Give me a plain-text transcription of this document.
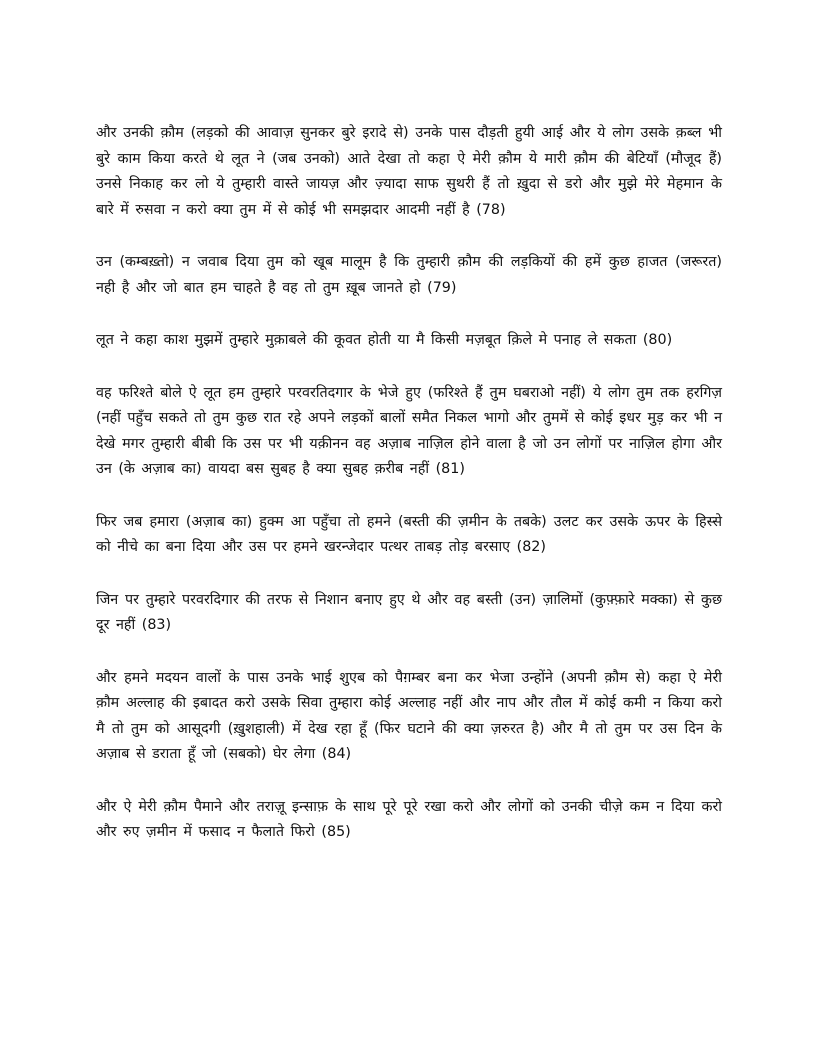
और उनकी क़ौम (लड़को की आवाज़ सुनकर बुरे इरादे से) उनके पास दौड़ती हुयी आई और ये लोग उसके क़ब्ल भी बुरे काम किया करते थे लूत ने (जब उनको) आते देखा तो कहा ऐ मेरी क़ौम ये मारी क़ौम की बेटियाँ (मौजूद हैं) उनसे निकाह कर लो ये तुम्हारी वास्ते जायज़ और ज़्यादा साफ सुथरी हैं तो ख़ुदा से डरो और मुझे मेरे मेहमान के बारे में रुसवा न करो क्या तुम में से कोई भी समझदार आदमी नहीं है (78)

उन (कम्बख़्तो) न जवाब दिया तुम को खूब मालूम है कि तुम्हारी क़ौम की लड़कियों की हमें कुछ हाजत (जरूरत) नही है और जो बात हम चाहते है वह तो तुम ख़ूब जानते हो (79)

लूत ने कहा काश मुझमें तुम्हारे मुक़ाबले की कूवत होती या मै किसी मज़बूत क़िले मे पनाह ले सकता (80)

वह फरिश्ते बोले ऐ लूत हम तुम्हारे परवरतिदगार के भेजे हुए (फरिश्ते हैं तुम घबराओ नहीं) ये लोग तुम तक हरगिज़ (नहीं पहुँच सकते तो तुम कुछ रात रहे अपने लड़कों बालों समैत निकल भागो और तुममें से कोई इधर मुड़ कर भी न देखे मगर तुम्हारी बीबी कि उस पर भी यक़ीनन वह अज़ाब नाज़िल होने वाला है जो उन लोगों पर नाज़िल होगा और उन (के अज़ाब का) वायदा बस सुबह है क्या सुबह क़रीब नहीं (81)

फिर जब हमारा (अज़ाब का) हुक्म आ पहुँचा तो हमने (बस्ती की ज़मीन के तबके) उलट कर उसके ऊपर के हिस्से को नीचे का बना दिया और उस पर हमने खरन्जेदार पत्थर ताबड़ तोड़ बरसाए (82)

जिन पर तुम्हारे परवरदिगार की तरफ से निशान बनाए हुए थे और वह बस्ती (उन) ज़ालिमों (कुफ़्फ़ारे मक्का) से कुछ दूर नहीं (83)

और हमने मदयन वालों के पास उनके भाई शुएब को पैग़म्बर बना कर भेजा उन्होंने (अपनी क़ौम से) कहा ऐ मेरी क़ौम अल्लाह की इबादत करो उसके सिवा तुम्हारा कोई अल्लाह नहीं और नाप और तौल में कोई कमी न किया करो मै तो तुम को आसूदगी (ख़ुशहाली) में देख रहा हूँ (फिर घटाने की क्या ज़रुरत है) और मै तो तुम पर उस दिन के अज़ाब से डराता हूँ जो (सबको) घेर लेगा (84)

और ऐ मेरी क़ौम पैमाने और तराज़ू इन्साफ़ के साथ पूरे पूरे रखा करो और लोगों को उनकी चीज़े कम न दिया करो और रुए ज़मीन में फसाद न फैलाते फिरो (85)
